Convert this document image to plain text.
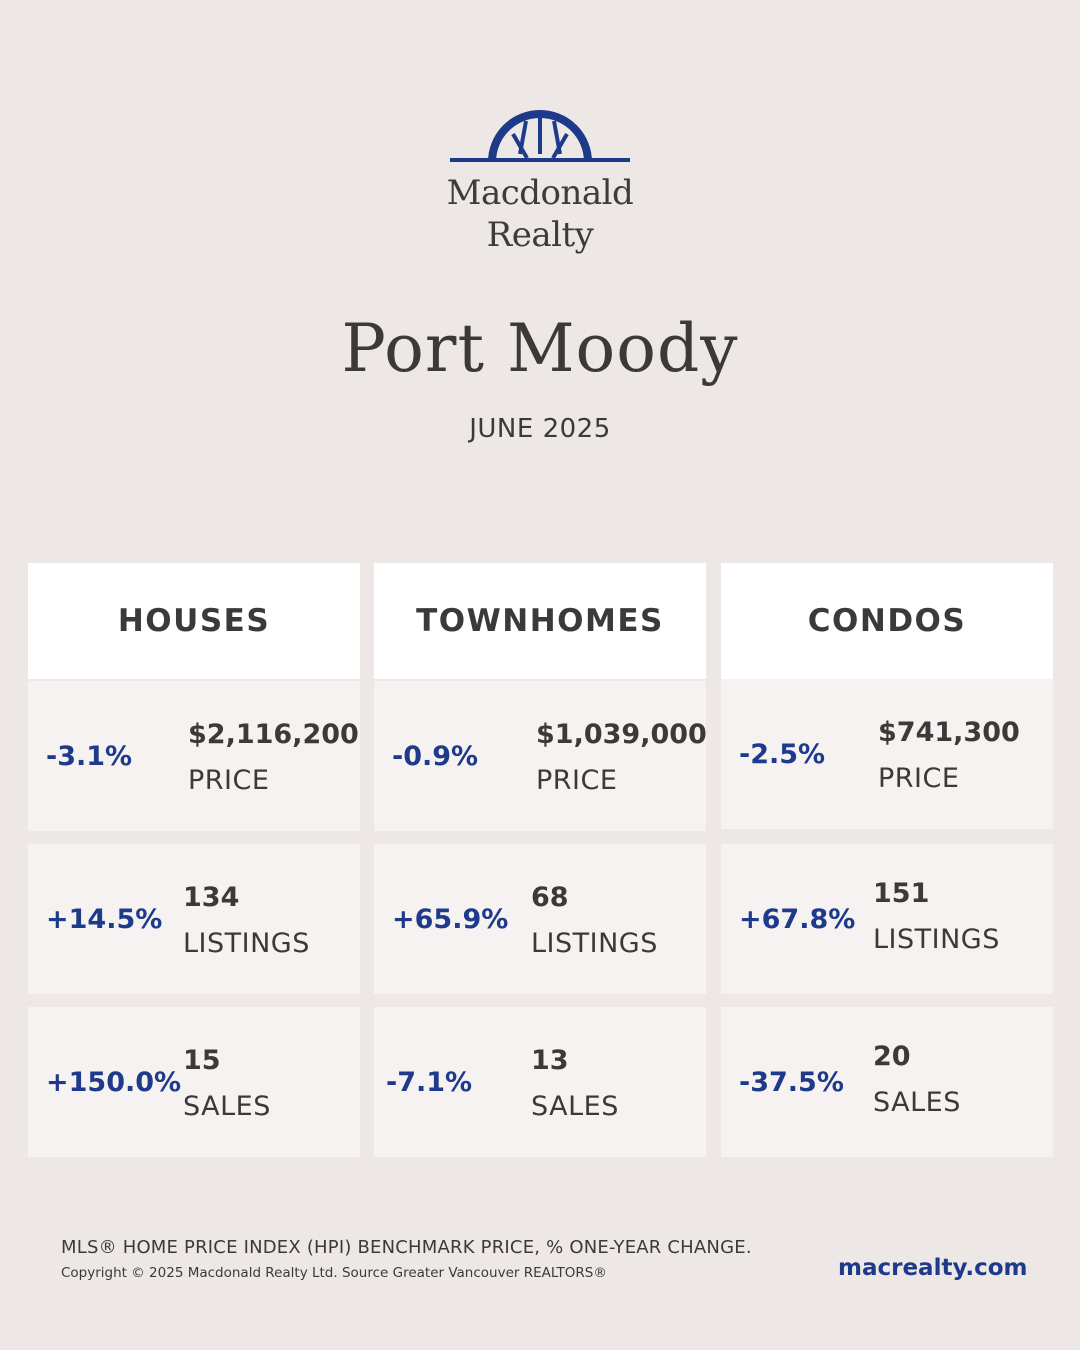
Macdonald
Realty
Port Moody
JUNE 2025
HOUSES
-3.1%
$2,116,200
PRICE
+14.5%
134
LISTINGS
+150.0%
15
SALES
TOWNHOMES
-0.9%
$1,039,000
PRICE
+65.9%
68
LISTINGS
-7.1%
13
SALES
CONDOS
-2.5%
$741,300
PRICE
+67.8%
151
LISTINGS
-37.5%
20
SALES
MLS® HOME PRICE INDEX (HPI) BENCHMARK PRICE, % ONE-YEAR CHANGE.
Copyright © 2025 Macdonald Realty Ltd. Source Greater Vancouver REALTORS®	macrealty.com
